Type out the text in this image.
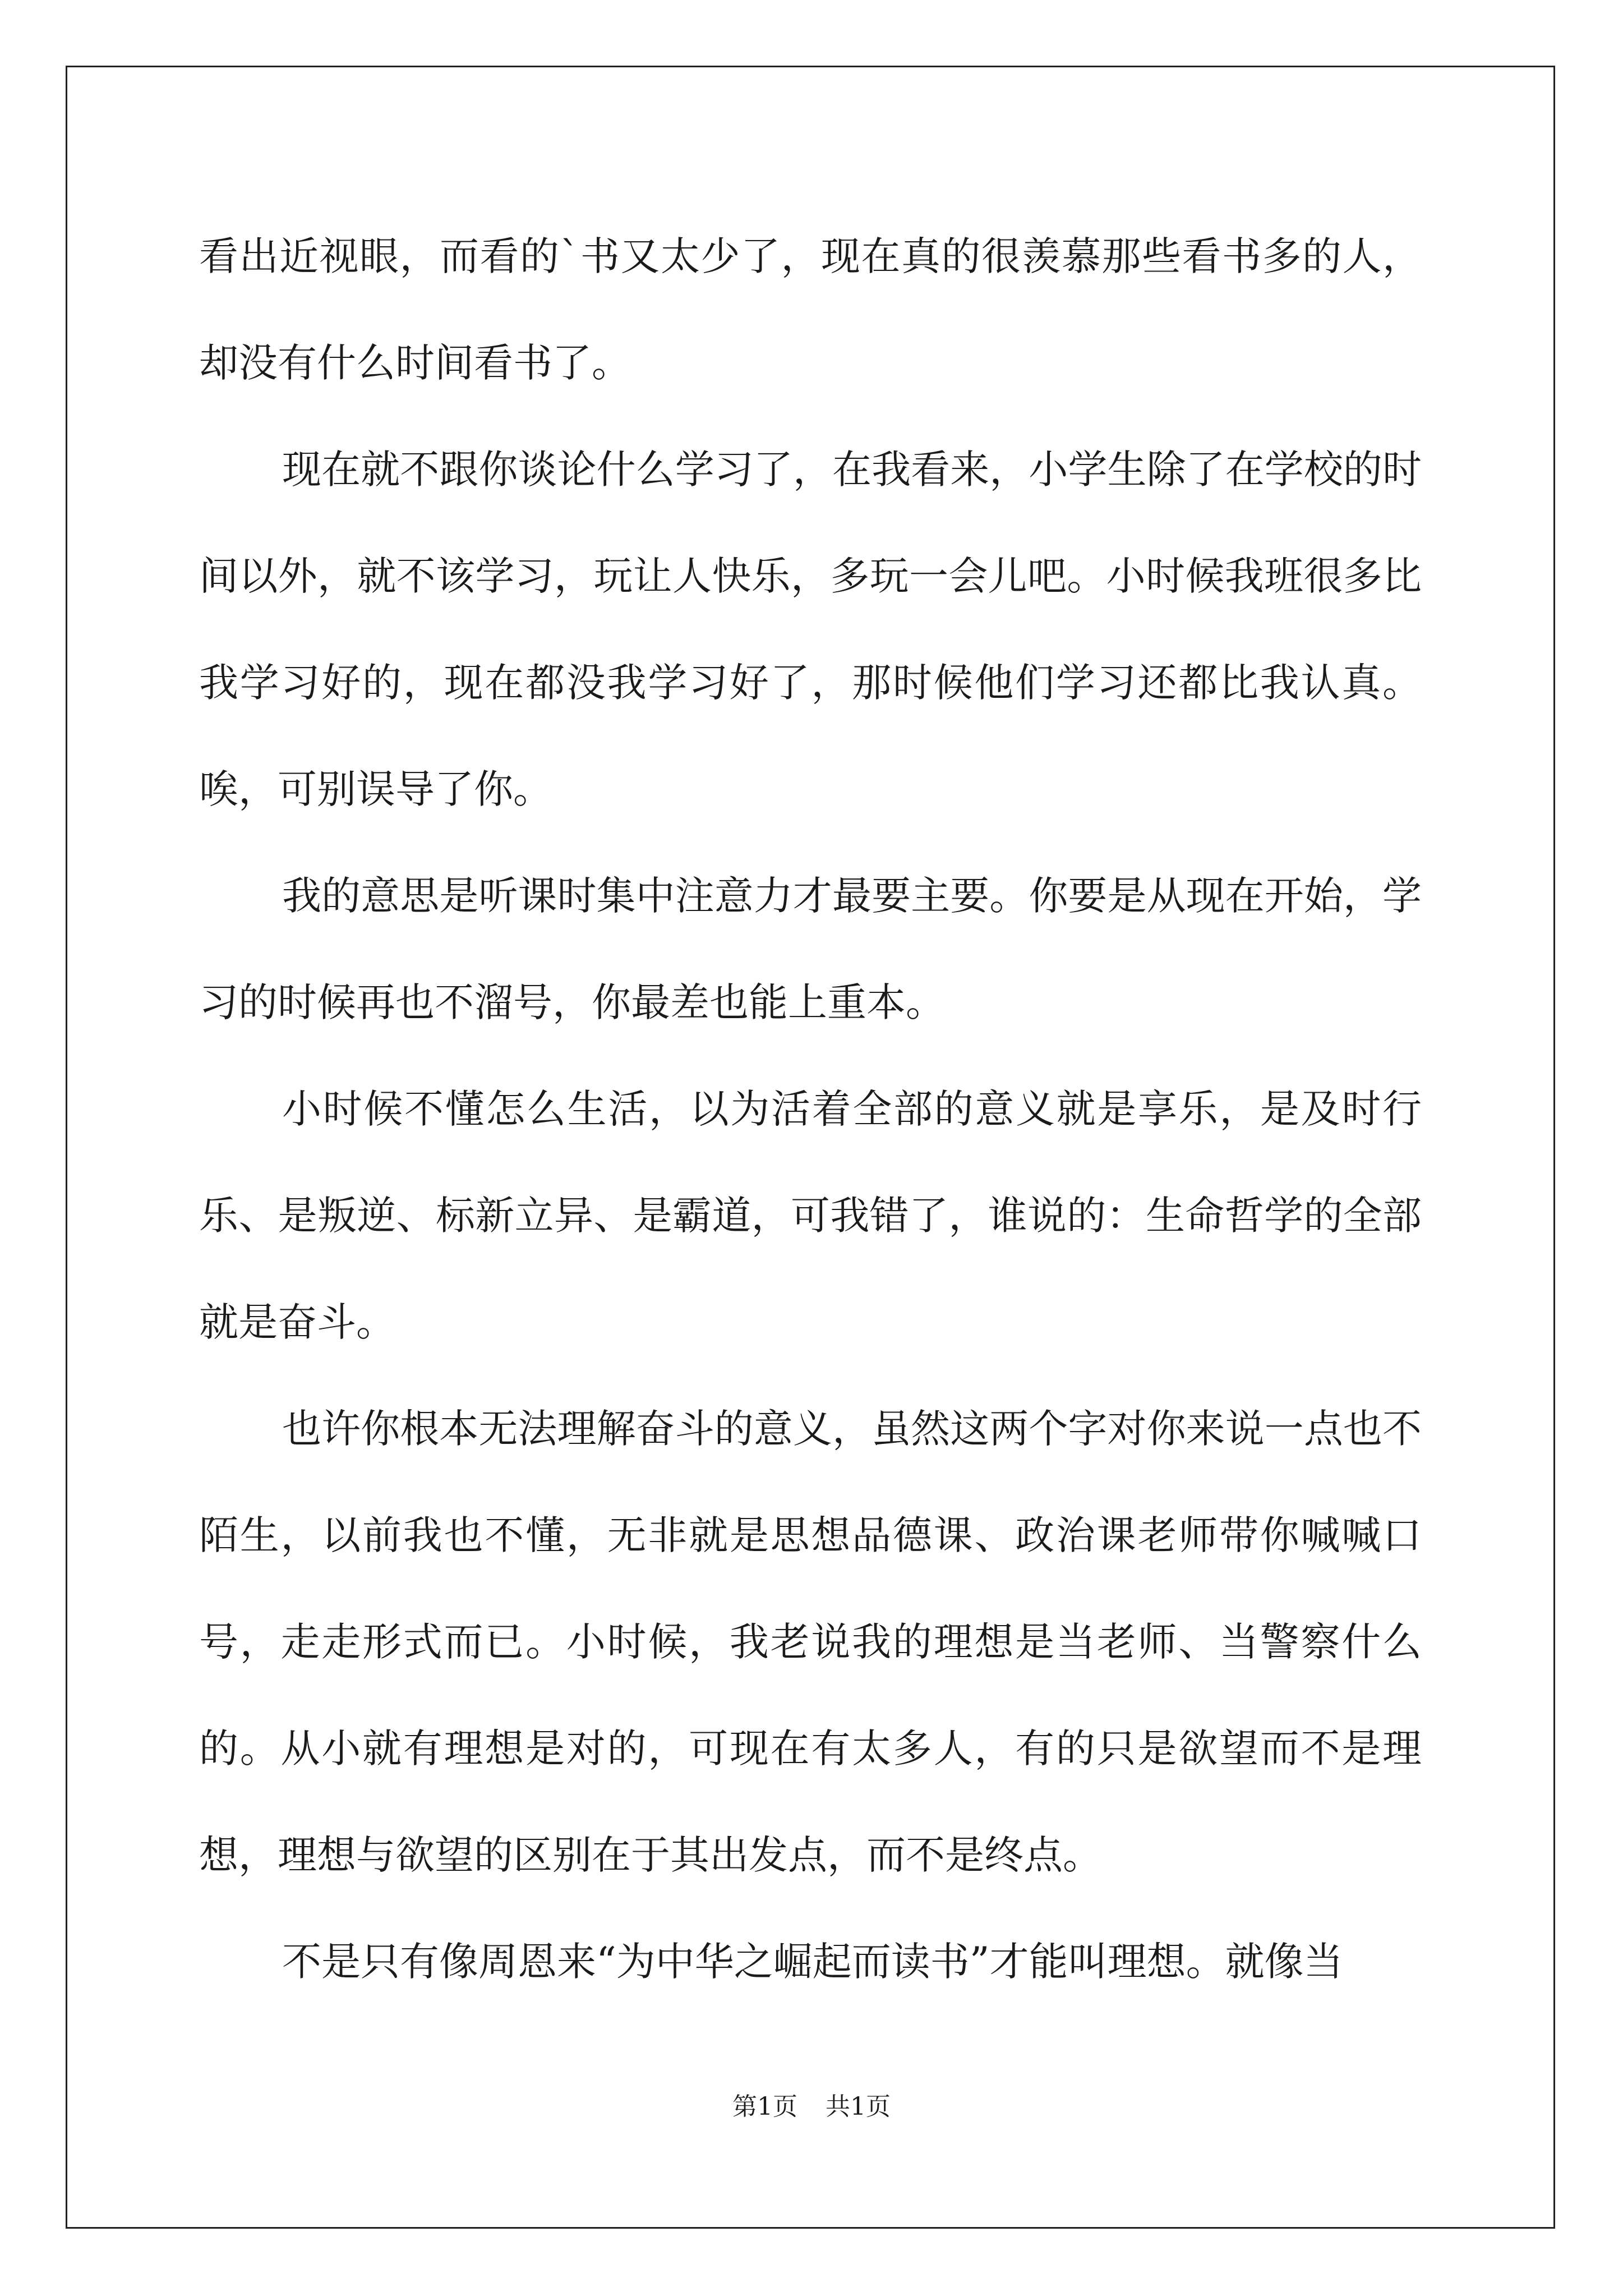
看出近视眼，而看的`书又太少了，现在真的很羡慕那些看书多的人，却没有什么时间看书了。

现在就不跟你谈论什么学习了，在我看来，小学生除了在学校的时间以外，就不该学习，玩让人快乐，多玩一会儿吧。小时候我班很多比我学习好的，现在都没我学习好了，那时候他们学习还都比我认真。唉，可别误导了你。

我的意思是听课时集中注意力才最要主要。你要是从现在开始，学习的时候再也不溜号，你最差也能上重本。

小时候不懂怎么生活，以为活着全部的意义就是享乐，是及时行乐、是叛逆、标新立异、是霸道，可我错了，谁说的：生命哲学的全部就是奋斗。

也许你根本无法理解奋斗的意义，虽然这两个字对你来说一点也不陌生，以前我也不懂，无非就是思想品德课、政治课老师带你喊喊口号，走走形式而已。小时候，我老说我的理想是当老师、当警察什么的。从小就有理想是对的，可现在有太多人，有的只是欲望而不是理想，理想与欲望的区别在于其出发点，而不是终点。

不是只有像周恩来“为中华之崛起而读书”才能叫理想。就像当

第1页 共1页
